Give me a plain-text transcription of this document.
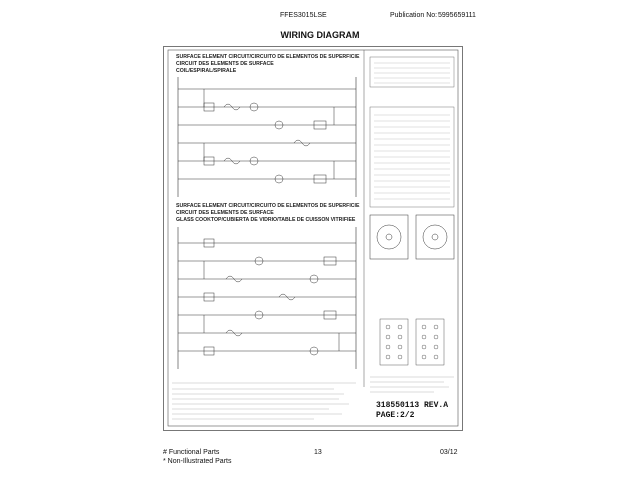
FFES3015LSE	Publication No: 5995659111
WIRING DIAGRAM
SURFACE ELEMENT CIRCUIT/CIRCUITO DE ELEMENTOS DE SUPERFICIE
CIRCUIT DES ELEMENTS DE SURFACE
COIL/ESPIRAL/SPIRALE
SURFACE ELEMENT CIRCUIT/CIRCUITO DE ELEMENTOS DE SUPERFICIE
CIRCUIT DES ELEMENTS DE SURFACE
GLASS COOKTOP/CUBIERTA DE VIDRIO/TABLE DE CUISSON VITRIFIEE
318550113 REV.A
PAGE:2/2
# Functional Parts
* Non-Illustrated Parts
13	03/12
